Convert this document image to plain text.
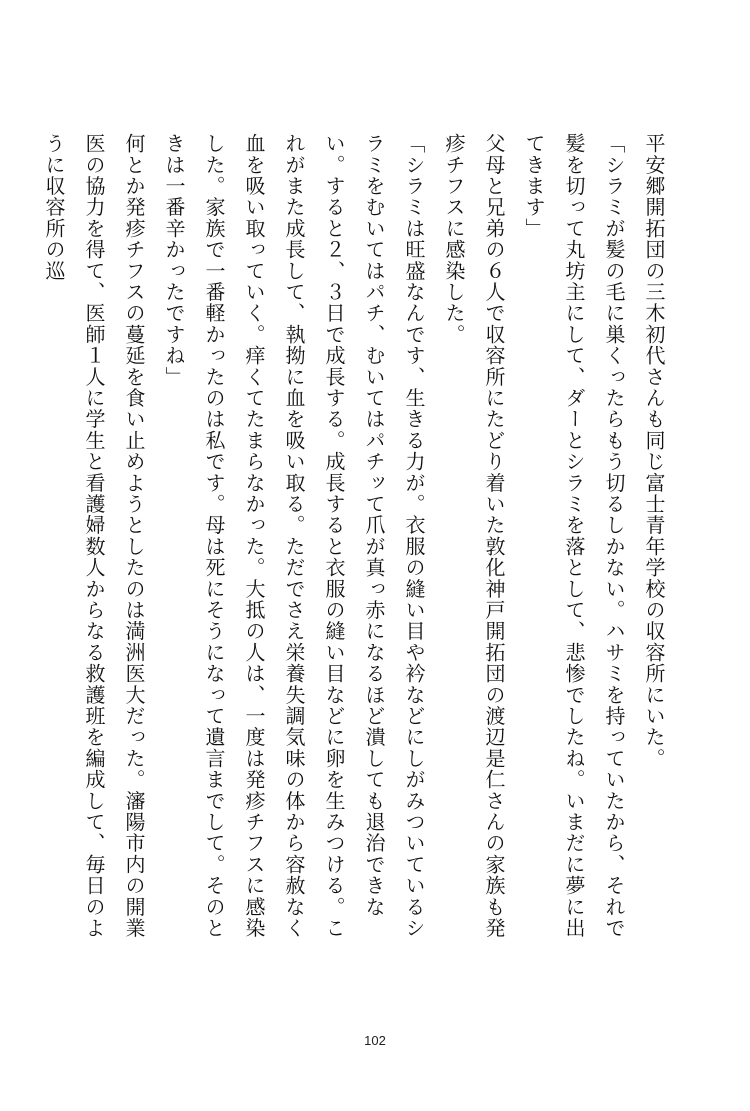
平安郷開拓団の三木初代さんも同じ富士青年学校の収容所にいた。

「シラミが髪の毛に巣くったらもう切るしかない。ハサミを持っていたから、それで髪を切って丸坊主にして、ダーとシラミを落として、悲惨でしたね。いまだに夢に出てきます」

父母と兄弟の６人で収容所にたどり着いた敦化神戸開拓団の渡辺是仁さんの家族も発疹チフスに感染した。

「シラミは旺盛なんです、生きる力が。衣服の縫い目や衿などにしがみついているシラミをむいてはパチ、むいてはパチッて爪が真っ赤になるほど潰しても退治できない。すると２、３日で成長する。成長すると衣服の縫い目などに卵を生みつける。これがまた成長して、執拗に血を吸い取る。ただでさえ栄養失調気味の体から容赦なく血を吸い取っていく。痒くてたまらなかった。大抵の人は、一度は発疹チフスに感染した。家族で一番軽かったのは私です。母は死にそうになって遺言までして。そのときは一番辛かったですね」

何とか発疹チフスの蔓延を食い止めようとしたのは満洲医大だった。瀋陽市内の開業医の協力を得て、医師１人に学生と看護婦数人からなる救護班を編成して、毎日のように収容所の巡

102
